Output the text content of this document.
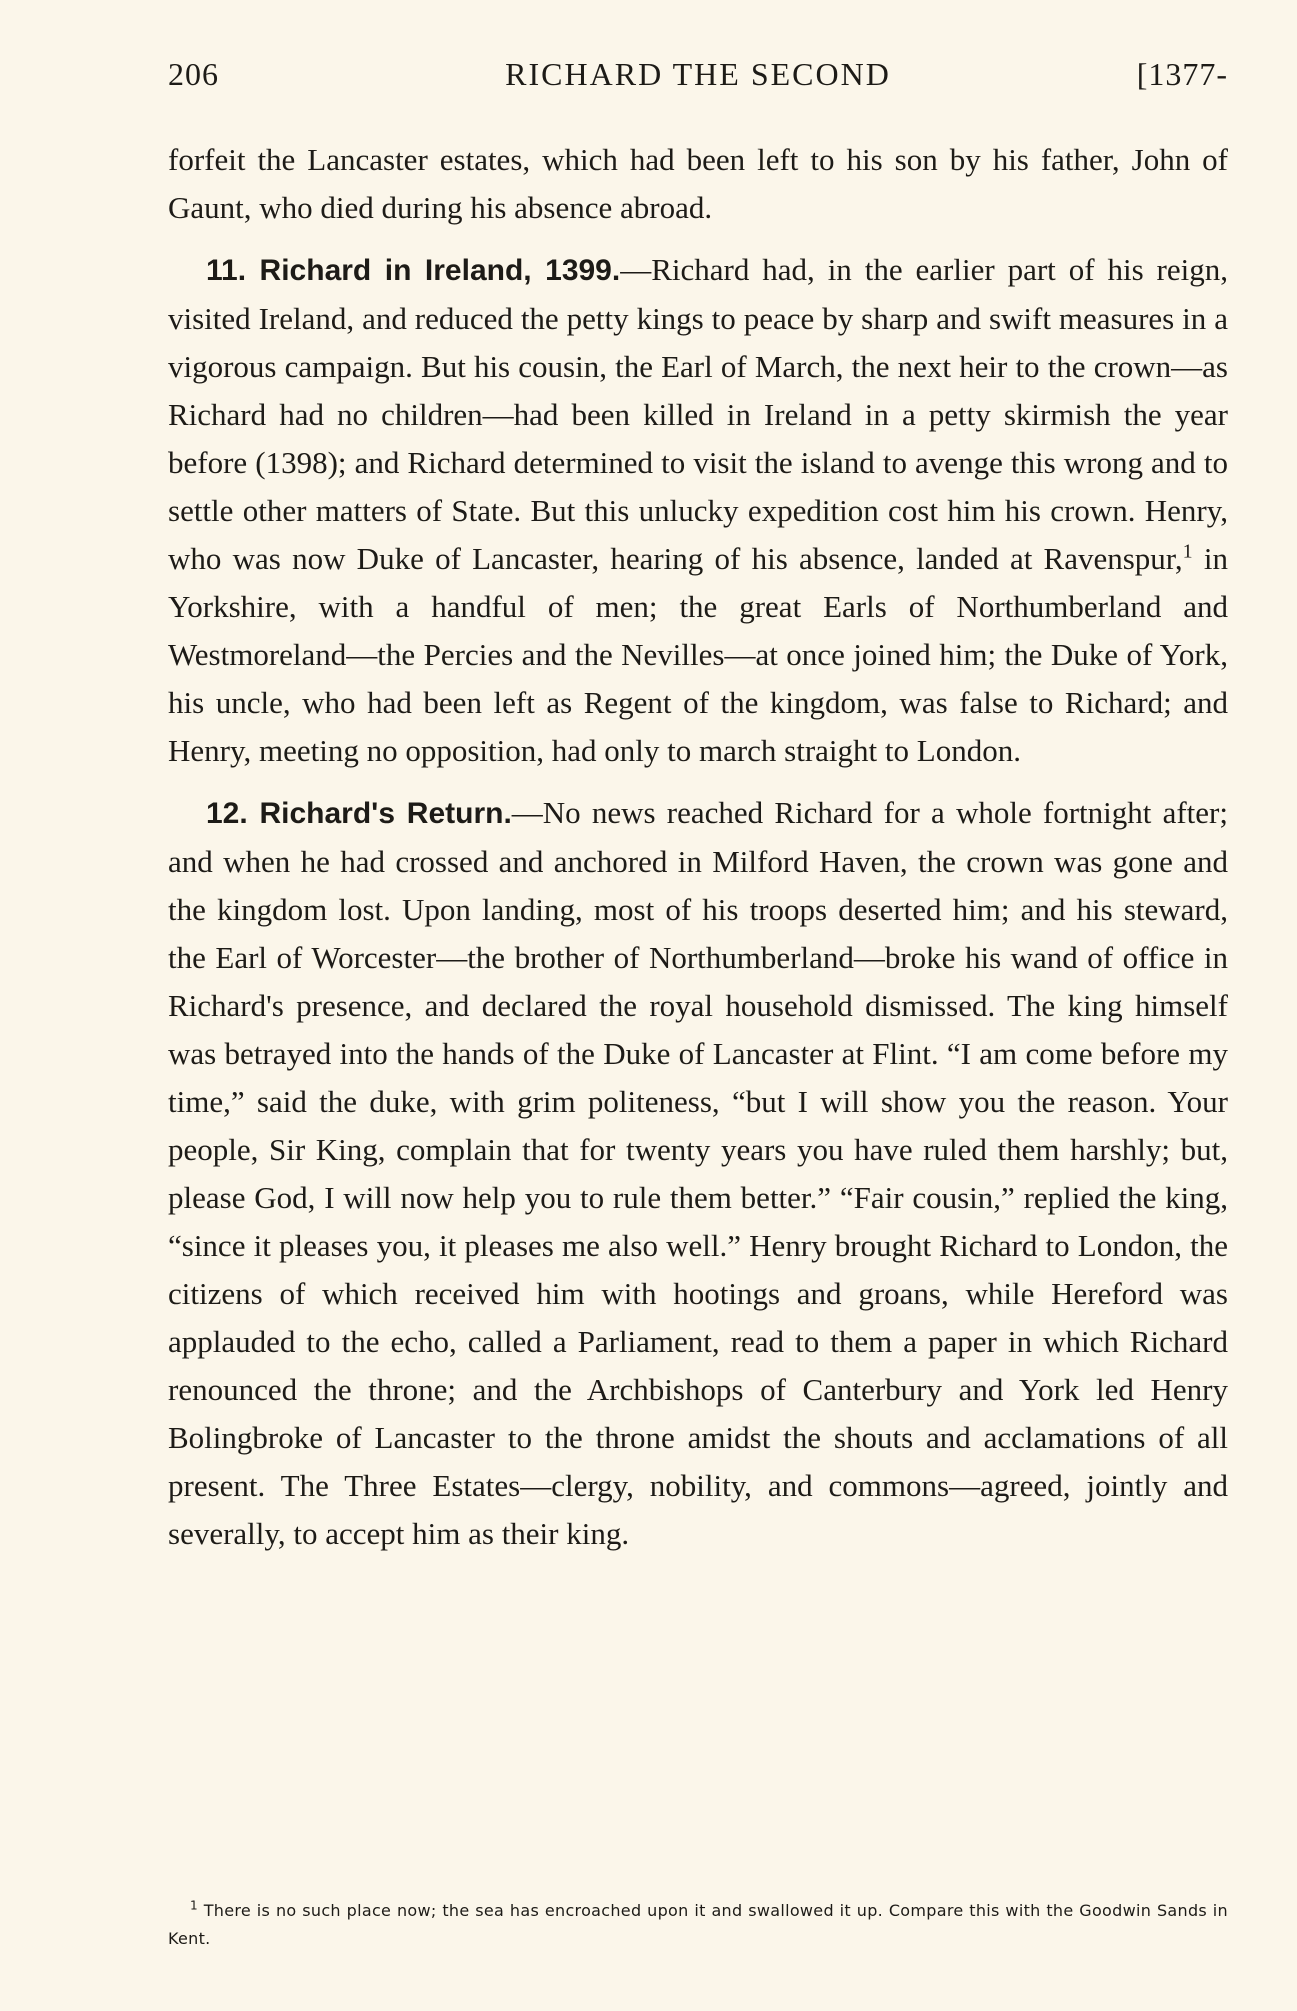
206	RICHARD THE SECOND	[1377-

forfeit the Lancaster estates, which had been left to his son by his father, John of Gaunt, who died during his absence abroad.

11. Richard in Ireland, 1399.—Richard had, in the earlier part of his reign, visited Ireland, and reduced the petty kings to peace by sharp and swift measures in a vigorous campaign. But his cousin, the Earl of March, the next heir to the crown—as Richard had no children—had been killed in Ireland in a petty skirmish the year before (1398); and Richard determined to visit the island to avenge this wrong and to settle other matters of State. But this unlucky expedition cost him his crown. Henry, who was now Duke of Lancaster, hearing of his absence, landed at Ravenspur,$^1$ in Yorkshire, with a handful of men; the great Earls of Northumberland and Westmoreland—the Percies and the Nevilles—at once joined him; the Duke of York, his uncle, who had been left as Regent of the kingdom, was false to Richard; and Henry, meeting no opposition, had only to march straight to London.

12. Richard's Return.—No news reached Richard for a whole fortnight after; and when he had crossed and anchored in Milford Haven, the crown was gone and the kingdom lost. Upon landing, most of his troops deserted him; and his steward, the Earl of Worcester—the brother of Northumberland—broke his wand of office in Richard's presence, and declared the royal household dismissed. The king himself was betrayed into the hands of the Duke of Lancaster at Flint. “I am come before my time,” said the duke, with grim politeness, “but I will show you the reason. Your people, Sir King, complain that for twenty years you have ruled them harshly; but, please God, I will now help you to rule them better.” “Fair cousin,” replied the king, “since it pleases you, it pleases me also well.” Henry brought Richard to London, the citizens of which received him with hootings and groans, while Hereford was applauded to the echo, called a Parliament, read to them a paper in which Richard renounced the throne; and the Archbishops of Canterbury and York led Henry Bolingbroke of Lancaster to the throne amidst the shouts and acclamations of all present. The Three Estates—clergy, nobility, and commons—agreed, jointly and severally, to accept him as their king.

$^1$ There is no such place now; the sea has encroached upon it and swallowed it up. Compare this with the Goodwin Sands in Kent.
